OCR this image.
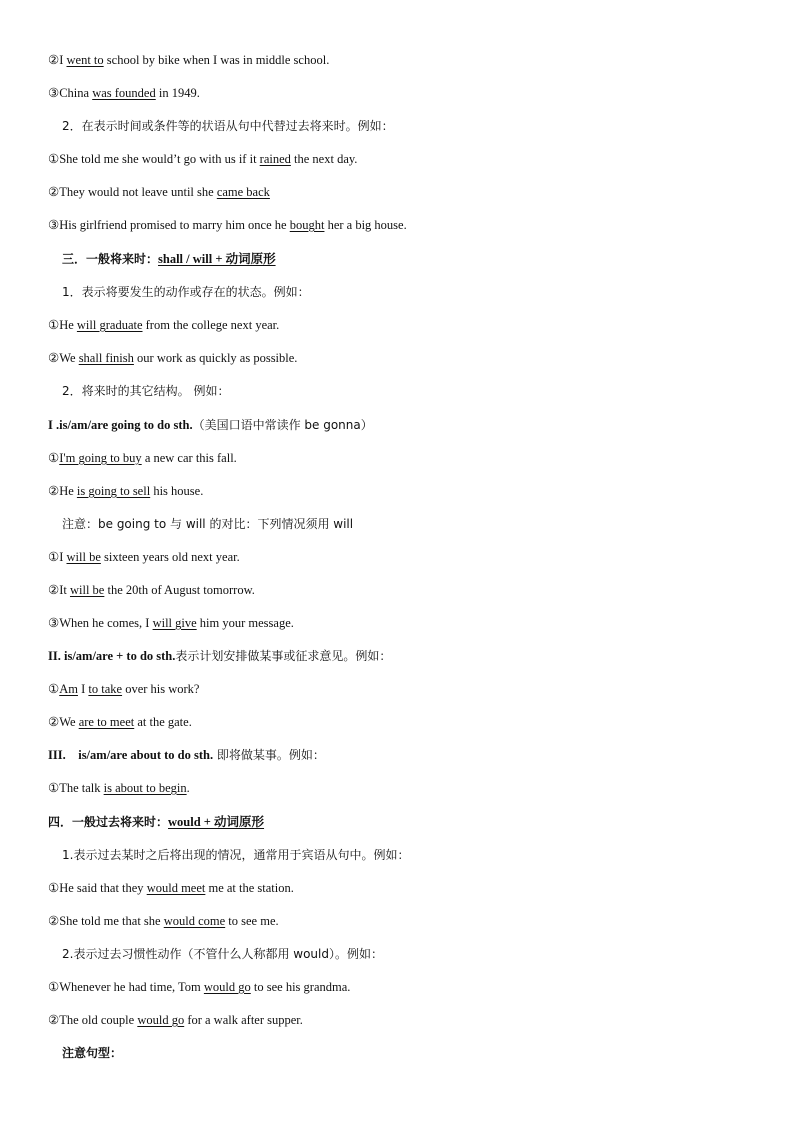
②I went to school by bike when I was in middle school.
③China was founded in 1949.
2．在表示时间或条件等的状语从句中代替过去将来时。例如：
①She told me she would’t go with us if it rained the next day.
②They would not leave until she came back
③His girlfriend promised to marry him once he bought her a big house.
三．一般将来时：shall / will + 动词原形
1．表示将要发生的动作或存在的状态。例如：
①He will graduate from the college next year.
②We shall finish our work as quickly as possible.
2．将来时的其它结构。 例如：
I .is/am/are going to do sth.（美国口语中常读作 be gonna）
①I'm going to buy a new car this fall.
②He is going to sell his house.
注意：be going to 与 will 的对比：下列情况须用 will
①I will be sixteen years old next year.
②It will be the 20th of August tomorrow.
③When he comes, I will give him your message.
II. is/am/are + to do sth.表示计划安排做某事或征求意见。例如：
①Am I to take over his work?
②We are to meet at the gate.
III.    is/am/are about to do sth. 即将做某事。例如：
①The talk is about to begin.
四．一般过去将来时：would + 动词原形
1.表示过去某时之后将出现的情况，通常用于宾语从句中。例如：
①He said that they would meet me at the station.
②She told me that she would come to see me.
2.表示过去习惯性动作（不管什么人称都用 would）。例如：
①Whenever he had time, Tom would go to see his grandma.
②The old couple would go for a walk after supper.
注意句型：
